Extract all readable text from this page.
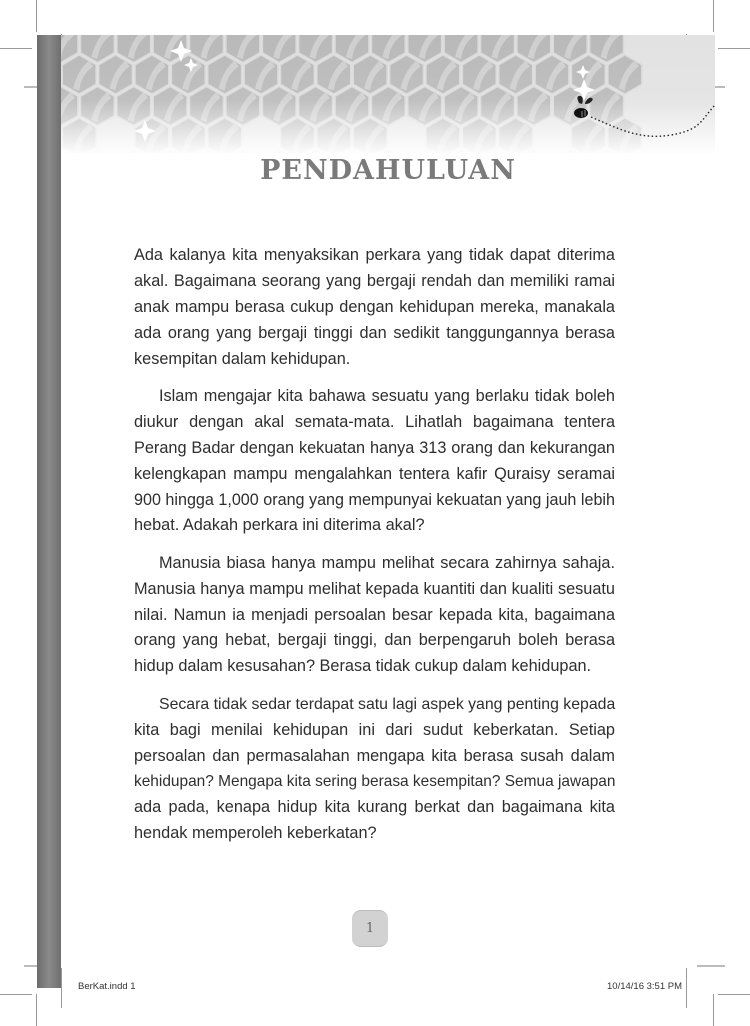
PENDAHULUAN
Ada kalanya kita menyaksikan perkara yang tidak dapat diterima
akal. Bagaimana seorang yang bergaji rendah dan memiliki ramai
anak mampu berasa cukup dengan kehidupan mereka, manakala
ada orang yang bergaji tinggi dan sedikit tanggungannya berasa
kesempitan dalam kehidupan.
Islam mengajar kita bahawa sesuatu yang berlaku tidak boleh
diukur dengan akal semata-mata. Lihatlah bagaimana tentera
Perang Badar dengan kekuatan hanya 313 orang dan kekurangan
kelengkapan mampu mengalahkan tentera kafir Quraisy seramai
900 hingga 1,000 orang yang mempunyai kekuatan yang jauh lebih
hebat. Adakah perkara ini diterima akal?
Manusia biasa hanya mampu melihat secara zahirnya sahaja.
Manusia hanya mampu melihat kepada kuantiti dan kualiti sesuatu
nilai. Namun ia menjadi persoalan besar kepada kita, bagaimana
orang yang hebat, bergaji tinggi, dan berpengaruh boleh berasa
hidup dalam kesusahan? Berasa tidak cukup dalam kehidupan.
Secara tidak sedar terdapat satu lagi aspek yang penting kepada
kita bagi menilai kehidupan ini dari sudut keberkatan. Setiap
persoalan dan permasalahan mengapa kita berasa susah dalam
kehidupan? Mengapa kita sering berasa kesempitan? Semua jawapan
ada pada, kenapa hidup kita kurang berkat dan bagaimana kita
hendak memperoleh keberkatan?
1
BerKat.indd 1	10/14/16 3:51 PM
